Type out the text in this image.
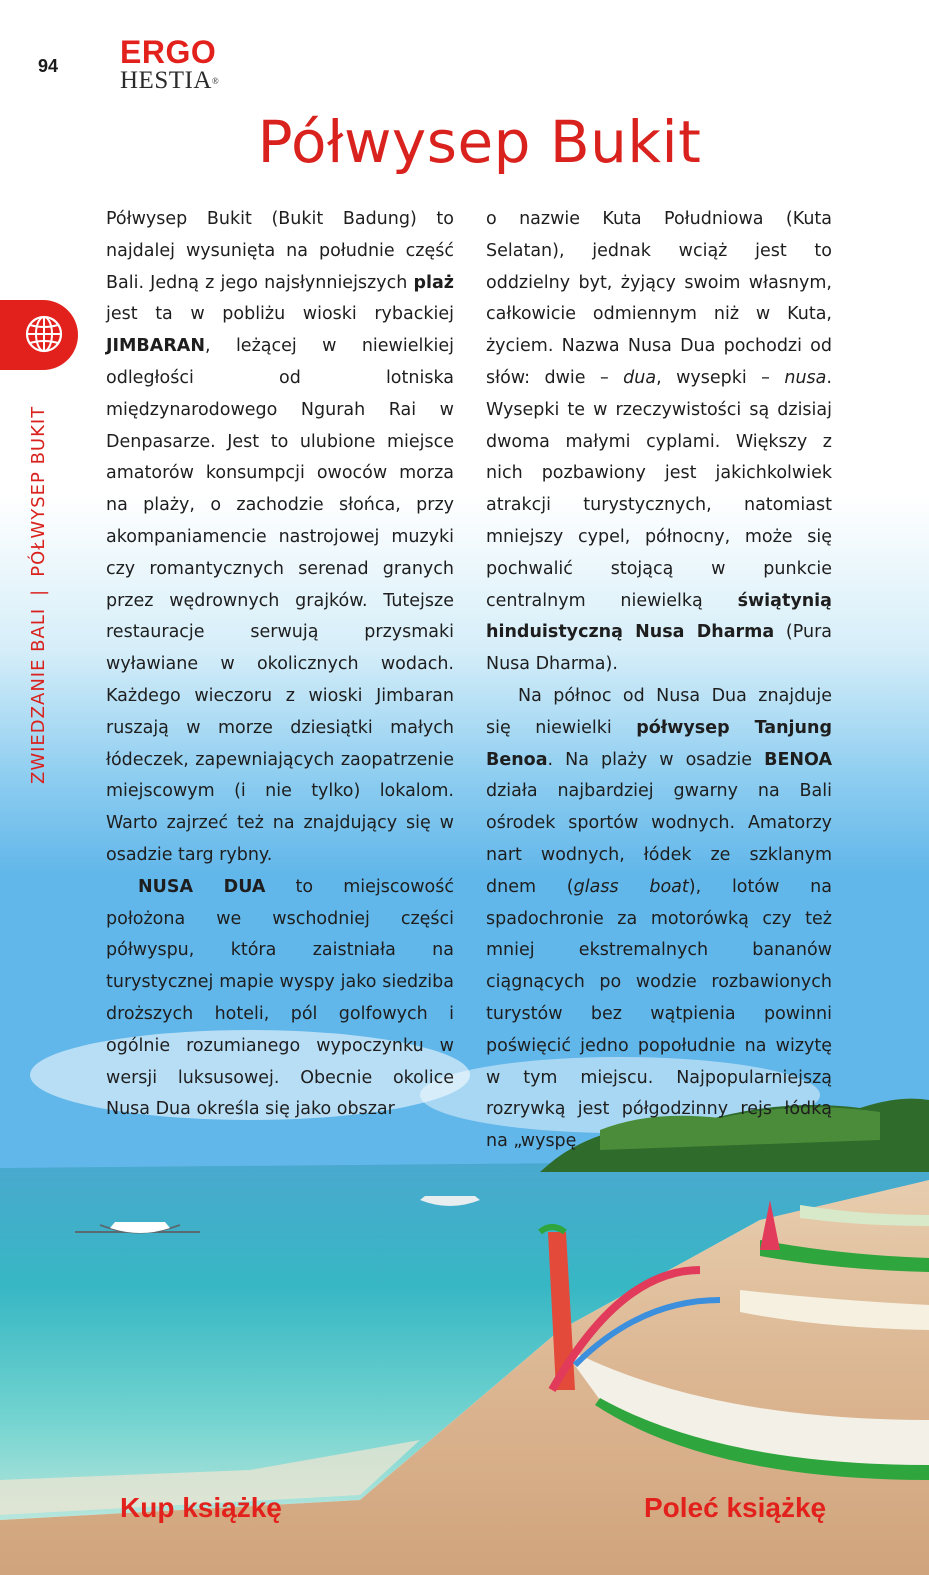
94 ERGO
HESTIA®
Półwysep Bukit
ZWIEDZANIE BALI|PÓŁWYSEP BUKIT

Półwysep Bukit (Bukit Badung) to najdalej wysunięta na południe część Bali. Jedną z jego najsłynniejszych plaż jest ta w pobliżu wioski rybackiej JIMBARAN, leżącej w niewielkiej odległości od lotniska międzynarodowego Ngurah Rai w Denpasarze. Jest to ulubione miejsce amatorów konsumpcji owoców morza na plaży, o zachodzie słońca, przy akompaniamencie nastrojowej muzyki czy romantycznych serenad granych przez wędrownych grajków. Tutejsze restauracje serwują przysmaki wyławiane w okolicznych wodach. Każdego wieczoru z wioski Jimbaran ruszają w morze dziesiątki małych łódeczek, zapewniających zaopatrzenie miejscowym (i nie tylko) lokalom. Warto zajrzeć też na znajdujący się w osadzie targ rybny.

NUSA DUA to miejscowość położona we wschodniej części półwyspu, która zaistniała na turystycznej mapie wyspy jako siedziba droższych hoteli, pól golfowych i ogólnie rozumianego wypoczynku w wersji luksusowej. Obecnie okolice Nusa Dua określa się jako obszar

o nazwie Kuta Południowa (Kuta Selatan), jednak wciąż jest to oddzielny byt, żyjący swoim własnym, całkowicie odmiennym niż w Kuta, życiem. Nazwa Nusa Dua pochodzi od słów: dwie – dua, wysepki – nusa. Wysepki te w rzeczywistości są dzisiaj dwoma małymi cyplami. Większy z nich pozbawiony jest jakichkolwiek atrakcji turystycznych, natomiast mniejszy cypel, północny, może się pochwalić stojącą w punkcie centralnym niewielką świątynią hinduistyczną Nusa Dharma (Pura Nusa Dharma).

Na północ od Nusa Dua znajduje się niewielki półwysep Tanjung Benoa. Na plaży w osadzie BENOA działa najbardziej gwarny na Bali ośrodek sportów wodnych. Amatorzy nart wodnych, łódek ze szklanym dnem (glass boat), lotów na spadochronie za motorówką czy też mniej ekstremalnych bananów ciągnących po wodzie rozbawionych turystów bez wątpienia powinni poświęcić jedno popołudnie na wizytę w tym miejscu. Najpopularniejszą rozrywką jest półgodzinny rejs łódką na „wyspę

Kup książkę	Poleć książkę
